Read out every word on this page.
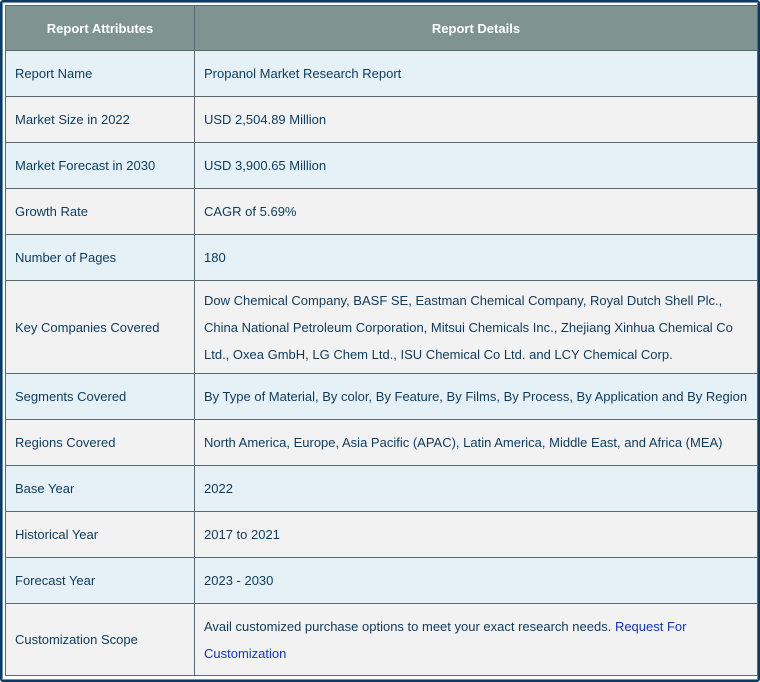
Report Attributes	Report Details
Report Name	Propanol Market Research Report
Market Size in 2022	USD 2,504.89 Million
Market Forecast in 2030	USD 3,900.65 Million
Growth Rate	CAGR of 5.69%
Number of Pages	180
Key Companies Covered	Dow Chemical Company, BASF SE, Eastman Chemical Company, Royal Dutch Shell Plc., China National Petroleum Corporation, Mitsui Chemicals Inc., Zhejiang Xinhua Chemical Co Ltd., Oxea GmbH, LG Chem Ltd., ISU Chemical Co Ltd. and LCY Chemical Corp.
Segments Covered	By Type of Material, By color, By Feature, By Films, By Process, By Application and By Region
Regions Covered	North America, Europe, Asia Pacific (APAC), Latin America, Middle East, and Africa (MEA)
Base Year	2022
Historical Year	2017 to 2021
Forecast Year	2023 - 2030
Customization Scope	Avail customized purchase options to meet your exact research needs. Request For Customization
